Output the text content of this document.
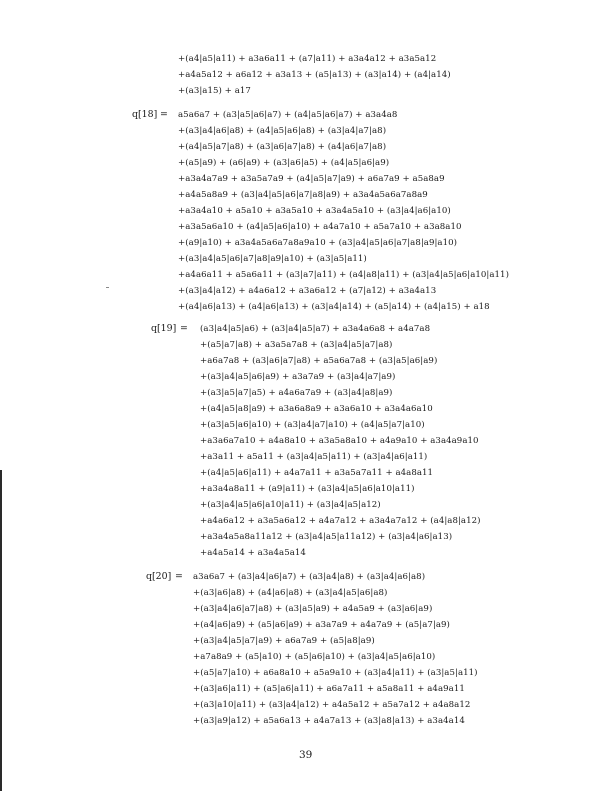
+(a4|a5|a11) + a3a6a11 + (a7|a11) + a3a4a12 + a3a5a12
+a4a5a12 + a6a12 + a3a13 + (a5|a13) + (a3|a14) + (a4|a14)
+(a3|a15) + a17
q[18] = a5a6a7 + (a3|a5|a6|a7) + (a4|a5|a6|a7) + a3a4a8
+(a3|a4|a6|a8) + (a4|a5|a6|a8) + (a3|a4|a7|a8)
+(a4|a5|a7|a8) + (a3|a6|a7|a8) + (a4|a6|a7|a8)
+(a5|a9) + (a6|a9) + (a3|a6|a5) + (a4|a5|a6|a9)
+a3a4a7a9 + a3a5a7a9 + (a4|a5|a7|a9) + a6a7a9 + a5a8a9
+a4a5a8a9 + (a3|a4|a5|a6|a7|a8|a9) + a3a4a5a6a7a8a9
+a3a4a10 + a5a10 + a3a5a10 + a3a4a5a10 + (a3|a4|a6|a10)
+a3a5a6a10 + (a4|a5|a6|a10) + a4a7a10 + a5a7a10 + a3a8a10
+(a9|a10) + a3a4a5a6a7a8a9a10 + (a3|a4|a5|a6|a7|a8|a9|a10)
+(a3|a4|a5|a6|a7|a8|a9|a10) + (a3|a5|a11)
+a4a6a11 + a5a6a11 + (a3|a7|a11) + (a4|a8|a11) + (a3|a4|a5|a6|a10|a11)
+(a3|a4|a12) + a4a6a12 + a3a6a12 + (a7|a12) + a3a4a13
+(a4|a6|a13) + (a4|a6|a13) + (a3|a4|a14) + (a5|a14) + (a4|a15) + a18
q[19] = (a3|a4|a5|a6) + (a3|a4|a5|a7) + a3a4a6a8 + a4a7a8
+(a5|a7|a8) + a3a5a7a8 + (a3|a4|a5|a7|a8)
+a6a7a8 + (a3|a6|a7|a8) + a5a6a7a8 + (a3|a5|a6|a9)
+(a3|a4|a5|a6|a9) + a3a7a9 + (a3|a4|a7|a9)
+(a3|a5|a7|a5) + a4a6a7a9 + (a3|a4|a8|a9)
+(a4|a5|a8|a9) + a3a6a8a9 + a3a6a10 + a3a4a6a10
+(a3|a5|a6|a10) + (a3|a4|a7|a10) + (a4|a5|a7|a10)
+a3a6a7a10 + a4a8a10 + a3a5a8a10 + a4a9a10 + a3a4a9a10
+a3a11 + a5a11 + (a3|a4|a5|a11) + (a3|a4|a6|a11)
+(a4|a5|a6|a11) + a4a7a11 + a3a5a7a11 + a4a8a11
+a3a4a8a11 + (a9|a11) + (a3|a4|a5|a6|a10|a11)
+(a3|a4|a5|a6|a10|a11) + (a3|a4|a5|a12)
+a4a6a12 + a3a5a6a12 + a4a7a12 + a3a4a7a12 + (a4|a8|a12)
+a3a4a5a8a11a12 + (a3|a4|a5|a11a12) + (a3|a4|a6|a13)
+a4a5a14 + a3a4a5a14
q[20] = a3a6a7 + (a3|a4|a6|a7) + (a3|a4|a8) + (a3|a4|a6|a8)
+(a3|a6|a8) + (a4|a6|a8) + (a3|a4|a5|a6|a8)
+(a3|a4|a6|a7|a8) + (a3|a5|a9) + a4a5a9 + (a3|a6|a9)
+(a4|a6|a9) + (a5|a6|a9) + a3a7a9 + a4a7a9 + (a5|a7|a9)
+(a3|a4|a5|a7|a9) + a6a7a9 + (a5|a8|a9)
+a7a8a9 + (a5|a10) + (a5|a6|a10) + (a3|a4|a5|a6|a10)
+(a5|a7|a10) + a6a8a10 + a5a9a10 + (a3|a4|a11) + (a3|a5|a11)
+(a3|a6|a11) + (a5|a6|a11) + a6a7a11 + a5a8a11 + a4a9a11
+(a3|a10|a11) + (a3|a4|a12) + a4a5a12 + a5a7a12 + a4a8a12
+(a3|a9|a12) + a5a6a13 + a4a7a13 + (a3|a8|a13) + a3a4a14
39
